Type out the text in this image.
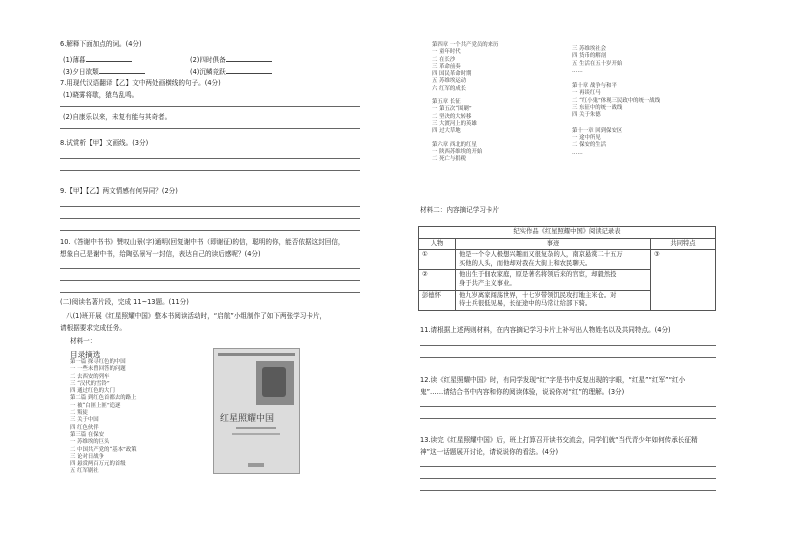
6.解释下面加点的词。(4分)
(1)薄暮	(2)四时俱备
(3)夕日欲颓	(4)沉鳞竞跃
7.用现代汉语翻译【乙】文中两处画横线的句子。(4分)
(1)晓雾将歇，猿鸟乱鸣。
(2)自康乐以来，未复有能与其奇者。
8.试赏析【甲】文画线。(3分)
9.【甲】【乙】两文情感有何异同？(2分)
10.《答谢中书书》赞叹山景(字)通明(回复谢中书（即谢征)的信，聪明的你，能否依据这封回信，
想象自己是谢中书，给陶弘景写一封信，表达自己的读后感呢？(4分)
(二)阅读名著片段，完成 11~13题。(11分)
八(1)班开展《红星照耀中国》整本书阅读活动时，“启航”小组制作了如下两张学习卡片，
请根据要求完成任务。
材料一：
目录摘选
第一篇 探寻红色的中国
一 一些未曾回答的问题
二 去西安的列车
三 “汉代的雪铃”
四 通过红色的大门
第二篇 到红色首都去的路上
一 被“白匪上匪”追逐
二 叛徒
三 关于中国
四 红色伙伴
第三篇 在保安
一 苏维埃的巨头
二 中国共产党的“基本”政策
三 论对日战争
四 悬赏两百万元的首级
五 红军剧社
红星照耀中国
第四章 一个共产党员的来历
一 童年时代
二 在长沙
三 革命前奏
四 国民革命时期
五 苏维埃运动
六 红军的成长
第五章 长征
一 第五次“围剿”
二 坚决的大转移
三 大渡河上的英雄
四 过大草地
第六章 西北的红星
一 陕西苏维埃的开始
二 死亡与捐税
三 苏维埃社会
四 货币的解剖
五 生活在五十岁开始
……
第十章 战争与和平
一 再谈红马
二 “红小鬼”体现三民政中的统一战线
三 东征中的统一战线
四 关于朱德
第十一章 回到保安区
一 途中所见
二 保安的生活
……
材料二：内容摘记学习卡片
纪实作品《红星照耀中国》阅读记录表		
人物	事迹	共同特点
①	他是一个令人极想兴趣而又很复杂的人，南京悬赏二十五万
买他的人头，而他却对我在大街上和农民聊天。	③
②	他出生于佃农家庭，原是著名将领后来的官宦，却毅然投
身于共产主义事业。	

彭德怀	他九岁离家闯荡世界，十七岁带领饥民攻打地主米仓。对
待士兵很低见易，长征途中的马常让给部下骑。	
11.请根据上述两则材料，在内容摘记学习卡片上补写出人物姓名以及共同特点。(4分)
12.读《红星照耀中国》时，有同学发现“红”字是书中反复出现的字眼，“红星”“红军”“红小
鬼”……请结合书中内容和你的阅读体验，说说你对“红”的理解。(3分)
13.读完《红星照耀中国》后，班上打算召开读书交流会，同学们就“当代青少年如何传承长征精
神”这一话题展开讨论，请说说你的看法。(4分)
